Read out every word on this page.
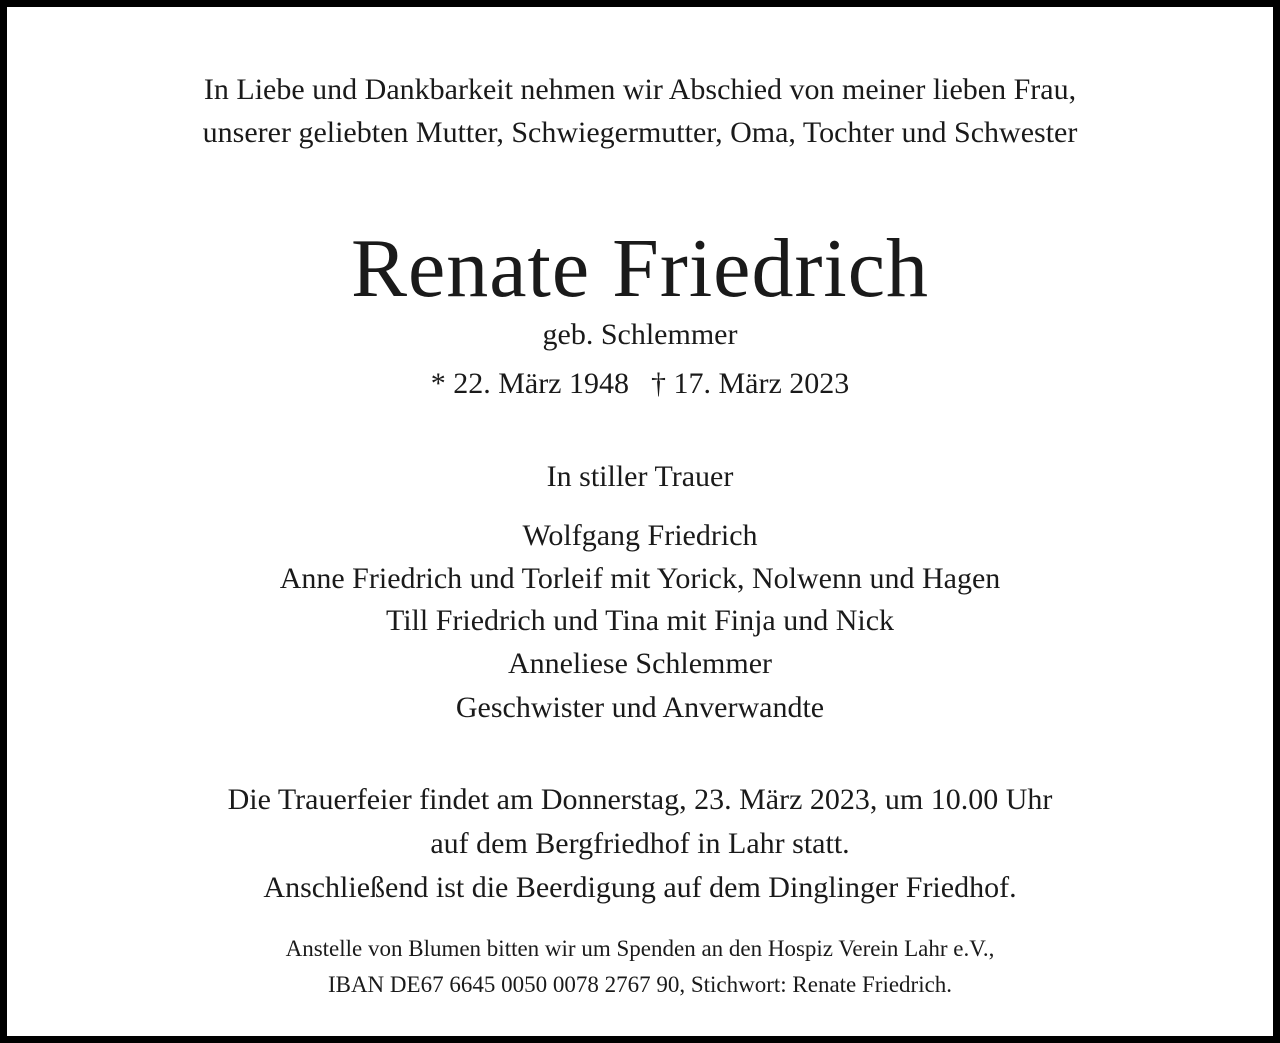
In Liebe und Dankbarkeit nehmen wir Abschied von meiner lieben Frau,
unserer geliebten Mutter, Schwiegermutter, Oma, Tochter und Schwester
Renate Friedrich
geb. Schlemmer
* 22. März 1948 † 17. März 2023
In stiller Trauer
Wolfgang Friedrich
Anne Friedrich und Torleif mit Yorick, Nolwenn und Hagen
Till Friedrich und Tina mit Finja und Nick
Anneliese Schlemmer
Geschwister und Anverwandte
Die Trauerfeier findet am Donnerstag, 23. März 2023, um 10.00 Uhr
auf dem Bergfriedhof in Lahr statt.
Anschließend ist die Beerdigung auf dem Dinglinger Friedhof.
Anstelle von Blumen bitten wir um Spenden an den Hospiz Verein Lahr e.V.,
IBAN DE67 6645 0050 0078 2767 90, Stichwort: Renate Friedrich.
